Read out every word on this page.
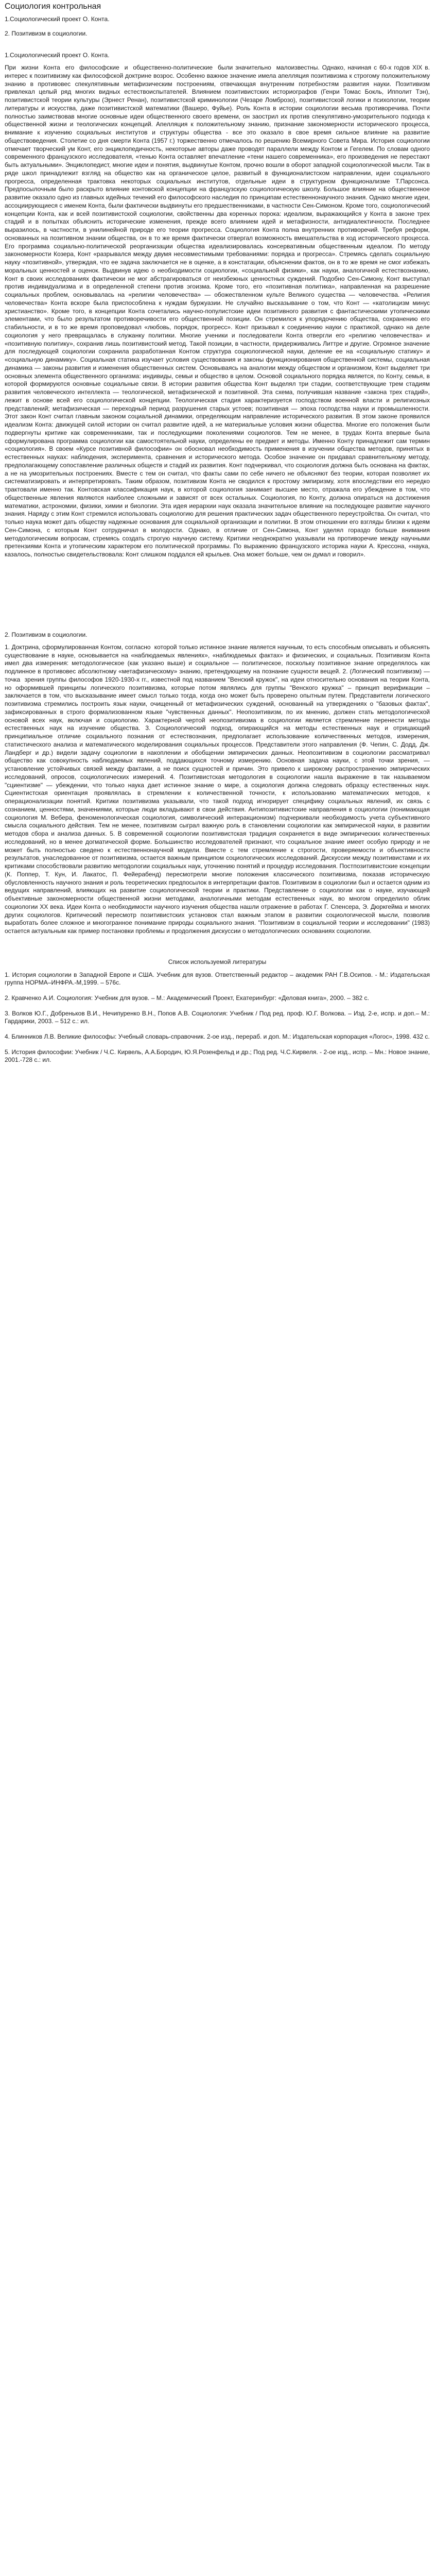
Социология контрольная

1.Социологический проект О. Конта.

2. Позитивизм в социологии.

1.Социологический проект О. Конта.

При  жизни  Конта  его  философские  и  общественно-политические  были значительно  малоизвестны. Однако, начиная с 60-х годов XIX в. интерес к позитивизму как философской доктрине возрос. Особенно важное значение имела апелляция позитивизма к строгому положительному знанию в противовес спекулятивным метафизическим построениям, отвечающая внутренним потребностям развития науки. Позитивизм привлекал целый ряд многих видных естествоиспытателей. Влиянием позитивистских историографов (Генри Томас Бокль, Ипполит Тэн), позитивистской теории культуры (Эрнест Ренан), позитивистской криминологии (Чезаре Ломброзо), позитивистской логики и психологии, теории литературы и искусства, даже позитивистской математики (Вашеро, Фуйье). Роль Конта в истории социологии весьма противоречива. Почти полностью заимствовав многие основные идеи общественного своего времени, он заострил их против спекулятивно-умозрительного подхода к общественной жизни и теологических концепций. Апелляция к положительному знанию, признание закономерности исторического процесса, внимание к изучению социальных институтов и структуры общества - все это оказало в свое время сильное влияние на развитие обществоведения. Столетие со дня смерти Конта (1957 г.) торжественно отмечалось по решению Всемирного Совета Мира. История социологии отмечает творческий ум Конт, его энциклопедичность, некоторые авторы даже проводят параллели между Контом и Гегелем. По словам одного современного французского исследователя, «тенью Конта оставляет впечатление «тени нашего современника», его произведения не перестают быть актуальными». Энциклопедист, многие идеи и понятия, выдвинутые Контом, прочно вошли в оборот западной социологической мысли. Так в ряде школ принадлежит взгляд на общество как на органическое целое, развитый в функционалистском направлении, идеи социального прогресса, определенная трактовка некоторых социальных институтов, отдельные идеи в структурном функционализме Т.Парсонса. Предпосылочным было раскрыто влияние контовской концепции на французскую социологическую школу. Большое влияние на общественное развитие оказало одно из главных идейных течений его философского наследия по принципам естественнонаучного знания. Однако многие идеи, ассоциирующиеся с именем Конта, были фактически выдвинуты его предшественниками, в частности Сен-Симоном. Кроме того, социологический концепции Конта, как и всей позитивистской социологии, свойственны два коренных порока: идеализм, выражающийся у Конта в законе трех стадий и в попытках объяснить исторические изменения, прежде всего влиянием идей и метафизности, антидиалектичности. Последнее выразилось, в частности, в унилинейной природе его теории прогресса. Социология Конта полна внутренних противоречий. Требуя реформ, основанных на позитивном знании общества, он в то же время фактически отвергал возможность вмешательства в ход исторического процесса. Его программа социально-политической реорганизации общества идеализировалась консервативным общественным идеалом. По методу закономерности Козера, Конт «разрывался между двумя несовместимыми требованиями: порядка и прогресса». Стремясь сделать социальную науку «позитивной», утверждая, что ее задача заключается не в оценке, а в констатации, объяснении фактов, он в то же время не смог избежать моральных ценностей и оценок. Выдвинув идею о необходимости социологии, «социальной физики», как науки, аналогичной естествознанию, Конт в своих исследованиях фактически не мог абстрагироваться от неизбежных ценностных суждений. Подобно Сен-Симону, Конт выступал против индивидуализма и в определенной степени против эгоизма. Кроме того, его «позитивная политика», направленная на разрешение социальных проблем, основывалась на «религии человечества» — обожествленном культе Великого существа — человечества. «Религия человечества» Конта вскоре была приспособлена к нуждам буржуазии. Не случайно высказывание о том, что Конт — «католицизм минус христианство». Кроме того, в концепции Конта сочетались научно-популистские идеи позитивного развития с фантастическими утопическими элементами, что было результатом противоречивости его общественной позиции. Он стремился к упорядочению общества, сохранению его стабильности, и в то же время проповедовал «любовь, порядок, прогресс». Конт призывал к соединению науки с практикой, однако на деле социология у него превращалась в служанку политики. Многие ученики и последователи Конта отвергли его «религию человечества» и «позитивную политику», сохранив лишь позитивистский метод. Такой позиции, в частности, придерживались Литтре и другие. Огромное значение для последующей социологии сохранила разработанная Контом структура социологической науки, деление ее на «социальную статику» и «социальную динамику». Социальная статика изучает условия существования и законы функционирования общественной системы, социальная динамика — законы развития и изменения общественных систем. Основываясь на аналогии между обществом и организмом, Конт выделяет три основных элемента общественного организма: индивиды, семьи и общество в целом. Основой социального порядка является, по Конту, семья, в которой формируются основные социальные связи. В истории развития общества Конт выделял три стадии, соответствующие трем стадиям развития человеческого интеллекта — теологической, метафизической и позитивной. Эта схема, получившая название «закона трех стадий», лежит в основе всей его социологической концепции. Теологическая стадия характеризуется господством военной власти и религиозных представлений; метафизическая — переходный период разрушения старых устоев; позитивная — эпоха господства науки и промышленности. Этот закон Конт считал главным законом социальной динамики, определяющим направление исторического развития. В этом законе проявился идеализм Конта: движущей силой истории он считал развитие идей, а не материальные условия жизни общества. Многие его положения были подвергнуты критике как современниками, так и последующими поколениями социологов. Тем не менее, в трудах Конта впервые была сформулирована программа социологии как самостоятельной науки, определены ее предмет и методы. Именно Конту принадлежит сам термин «социология». В своем «Курсе позитивной философии» он обосновал необходимость применения в изучении общества методов, принятых в естественных науках: наблюдения, эксперимента, сравнения и исторического метода. Особое значение он придавал сравнительному методу, предполагающему сопоставление различных обществ и стадий их развития. Конт подчеркивал, что социология должна быть основана на фактах, а не на умозрительных построениях. Вместе с тем он считал, что факты сами по себе ничего не объясняют без теории, которая позволяет их систематизировать и интерпретировать. Таким образом, позитивизм Конта не сводился к простому эмпиризму, хотя впоследствии его нередко трактовали именно так. Контовская классификация наук, в которой социология занимает высшее место, отражала его убеждение в том, что общественные явления являются наиболее сложными и зависят от всех остальных. Социология, по Конту, должна опираться на достижения математики, астрономии, физики, химии и биологии. Эта идея иерархии наук оказала значительное влияние на последующее развитие научного знания. Наряду с этим Конт стремился использовать социологию для решения практических задач общественного переустройства. Он считал, что только наука может дать обществу надежные основания для социальной организации и политики. В этом отношении его взгляды близки к идеям Сен-Симона, с которым Конт сотрудничал в молодости. Однако, в отличие от Сен-Симона, Конт уделял гораздо больше внимания методологическим вопросам, стремясь создать строгую научную систему. Критики неоднократно указывали на противоречие между научными претензиями Конта и утопическим характером его политической программы. По выражению французского историка науки А. Крессона, «наука, казалось, полностью свидетельствовала: Конт слишком поддался ей крыльев. Она может больше, чем он думал и говорил».

2. Позитивизм в социологии.

1. Доктрина, сформулированная Контом, согласно  которой только истинное знание является научным, то есть способным описывать и объяснять существование в науке, основывается на «наблюдаемых явлениях», «наблюдаемых фактах» и физических, и социальных. Позитивизм Конта имел два измерения: методологическое (как указано выше) и социальное — политическое, поскольку позитивное знание определялось как подлинное в противовес абсолютному «метафизическому» знанию, претендующему на познание сущности вещей. 2. (Логический позитивизм) — точка  зрения группы философов 1920-1930-х гг., известной под названием "Венский кружок", на идеи относительно основания на теории Конта, но оформившей принципы логического позитивизма, которые потом являлись для группы "Венского кружка" – принцип верификации – заключается в том, что высказывание имеет смысл только тогда, когда оно может быть проверено опытным путем. Представители логического позитивизма стремились построить язык науки, очищенный от метафизических суждений, основанный на утверждениях о "базовых фактах", зафиксированных в строго формализованном языке "чувственных данных". Неопозитивизм, по их мнению, должен стать методологической основой всех наук, включая и социологию. Характерной чертой неопозитивизма в социологии является стремление перенести методы естественных наук на изучение общества. 3. Социологический подход, опирающийся на методы естественных наук и отрицающий принципиальное отличие социального познания от естествознания, предполагает использование количественных методов, измерения, статистического анализа и математического моделирования социальных процессов. Представители этого направления (Ф. Чепин, С. Додд, Дж. Ландберг и др.) видели задачу социологии в накоплении и обобщении эмпирических данных. Неопозитивизм в социологии рассматривал общество как совокупность наблюдаемых явлений, поддающихся точному измерению. Основная задача науки, с этой точки зрения, — установление устойчивых связей между фактами, а не поиск сущностей и причин. Это привело к широкому распространению эмпирических исследований, опросов, социологических измерений. 4. Позитивистская методология в социологии нашла выражение в так называемом "сциентизме" — убеждении, что только наука дает истинное знание о мире, а социология должна следовать образцу естественных наук. Сциентистская ориентация проявлялась в стремлении к количественной точности, к использованию математических методов, к операционализации понятий. Критики позитивизма указывали, что такой подход игнорирует специфику социальных явлений, их связь с сознанием, ценностями, значениями, которые люди вкладывают в свои действия. Антипозитивистские направления в социологии (понимающая социология М. Вебера, феноменологическая социология, символический интеракционизм) подчеркивали необходимость учета субъективного смысла социального действия. Тем не менее, позитивизм сыграл важную роль в становлении социологии как эмпирической науки, в развитии методов сбора и анализа данных. 5. В современной социологии позитивистская традиция сохраняется в виде эмпирических количественных исследований, но в менее догматической форме. Большинство исследователей признают, что социальное знание имеет особую природу и не может быть полностью сведено к естественнонаучной модели. Вместе с тем стремление к строгости, проверяемости и объективности результатов, унаследованное от позитивизма, остается важным принципом социологических исследований. Дискуссии между позитивистами и их критиками способствовали развитию методологии социальных наук, уточнению понятий и процедур исследования. Постпозитивистские концепции (К. Поппер, Т. Кун, И. Лакатос, П. Фейерабенд) пересмотрели многие положения классического позитивизма, показав историческую обусловленность научного знания и роль теоретических предпосылок в интерпретации фактов. Позитивизм в социологии был и остается одним из ведущих направлений, влияющих на развитие социологической теории и практики. Представление о социологии как о науке, изучающей объективные закономерности общественной жизни методами, аналогичными методам естественных наук, во многом определило облик социологии XX века. Идеи Конта о необходимости научного изучения общества нашли отражение в работах Г. Спенсера, Э. Дюркгейма и многих других социологов. Критический пересмотр позитивистских установок стал важным этапом в развитии социологической мысли, позволив выработать более сложное и многогранное понимание природы социального знания. "Позитивизм в социальной теории и исследовании" (1983) остается актуальным как пример постановки проблемы и продолжения дискуссии о методологических основаниях социологии.

Список используемой литературы

1. История социологии в Западной Европе и США. Учебник для вузов. Ответственный редактор – академик РАН Г.В.Осипов. - М.: Издательская группа НОРМА–ИНФРА.-М,1999. – 576с.

2. Кравченко А.И. Социология: Учебник для вузов. – М.: Академический Проект, Екатеринбург: «Деловая книга», 2000. – 382 с.

3. Волков Ю.Г., Добреньков В.И., Нечипуренко В.Н., Попов А.В. Социология: Учебник / Под ред. проф. Ю.Г. Волкова. – Изд. 2-е, испр. и доп.– М.: Гардарики, 2003. – 512 с.: ил.

4. Блинников Л.В. Великие философы: Учебный словарь-справочник. 2-ое изд., перераб. и доп. М.: Издательская корпорация «Логос», 1998. 432 с.

5. История философии: Учебник / Ч.С. Кирвель, А.А.Бородич, Ю.Я.Розенфельд и др.; Под ред. Ч.С.Кирвеля. - 2-ое изд., испр. – Мн.: Новое знание, 2001.-728 с.: ил.
